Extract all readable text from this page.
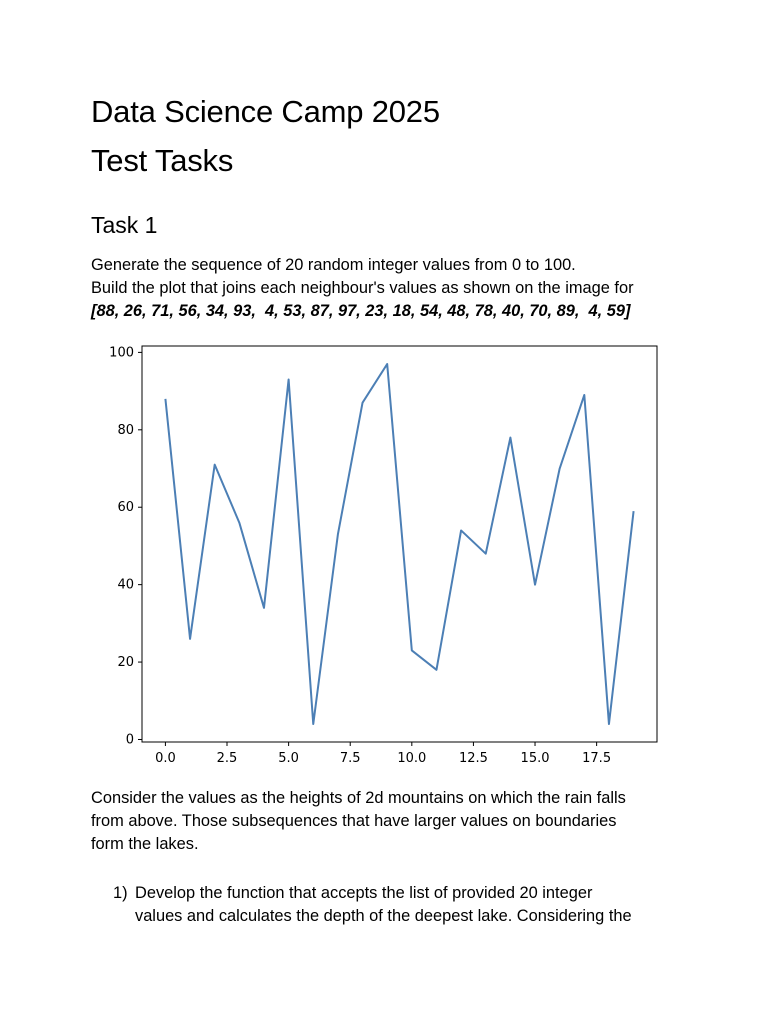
Data Science Camp 2025
Test Tasks
Task 1

Generate the sequence of 20 random integer values from 0 to 100.
Build the plot that joins each neighbour's values as shown on the image for
[88, 26, 71, 56, 34, 93,  4, 53, 87, 97, 23, 18, 54, 48, 78, 40, 70, 89,  4, 59]

0
20
40
60
80
100
0.0	2.5	5.0	7.5	10.0	12.5	15.0	17.5

Consider the values as the heights of 2d mountains on which the rain falls
from above. Those subsequences that have larger values on boundaries
form the lakes.

1) Develop the function that accepts the list of provided 20 integer
values and calculates the depth of the deepest lake. Considering the
